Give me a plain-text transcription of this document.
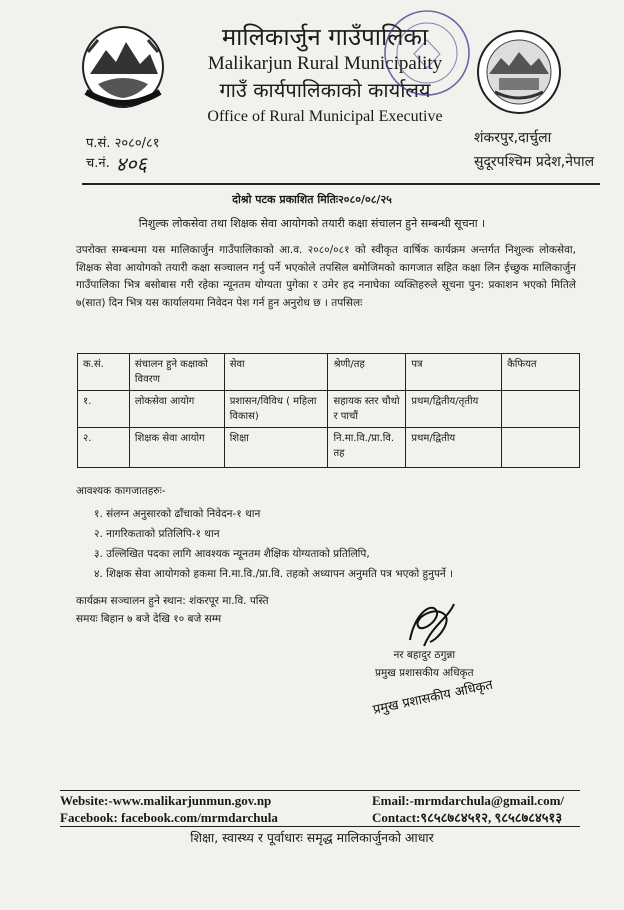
मालिकार्जुन गाउँपालिका
Malikarjun Rural Municipality
गाउँ कार्यपालिकाको कार्यालय
Office of Rural Municipal Executive
प.सं. २०८०/८१
च.नं. ४०६
शंकरपुर,दार्चुला
सुदूरपश्चिम प्रदेश,नेपाल
दोश्रो पटक प्रकाशित मितिः२०८०/०८/२५
निशुल्क लोकसेवा तथा शिक्षक सेवा आयोगको तयारी कक्षा संचालन हुने सम्बन्धी सूचना ।
उपरोक्त सम्बन्धमा यस मालिकार्जुन गाउँपालिकाको आ.व. २०८०/०८१ को स्वीकृत वार्षिक कार्यक्रम अन्तर्गत निशुल्क लोकसेवा, शिक्षक सेवा आयोगको तयारी कक्षा सञ्चालन गर्नु पर्ने भएकोले तपसिल बमोजिमको कागजात सहित कक्षा लिन ईच्छुक मालिकार्जुन गाउँपालिका भित्र बसोबास गरी रहेका न्यूनतम योग्यता पुगेका र उमेर हद ननाघेका व्यक्तिहरुले सूचना पुन: प्रकाशन भएको मितिले ७(सात) दिन भित्र यस कार्यालयमा निवेदन पेश गर्न हुन अनुरोध छ । तपसिलः
क.सं.	संचालन हुने कक्षाको विवरण	सेवा	श्रेणी/तह	पत्र	कैफियत
१.	लोकसेवा आयोग	प्रशासन/विविध ( महिला विकास)	सहायक स्तर चौथो र पाचौं	प्रथम/द्वितीय/तृतीय	
२.	शिक्षक सेवा आयोग	शिक्षा	नि.मा.वि./प्रा.वि. तह	प्रथम/द्वितीय	
आवश्यक कागजातहरुः-
१. संलग्न अनुसारको ढाँचाको निवेदन-१ थान
२. नागरिकताको प्रतिलिपि-१ थान
३. उल्लिखित पदका लागि आवश्यक न्यूनतम शैक्षिक योग्यताको प्रतिलिपि,
४. शिक्षक सेवा आयोगको हकमा नि.मा.वि./प्रा.वि. तहको अध्यापन अनुमति पत्र भएको हुनुपर्ने ।
कार्यक्रम सञ्चालन हुने स्थान: शंकरपूर मा.वि. पस्ति
समयः बिहान ७ बजे देखि १० बजे सम्म
नर बहादुर ठगुन्ना
प्रमुख प्रशासकीय अधिकृत
प्रमुख प्रशासकीय अधिकृत
Website:-www.malikarjunmun.gov.np
Facebook: facebook.com/mrmdarchula
Email:-mrmdarchula@gmail.com/
Contact:९८५८७८४५१२, ९८५८७८४५१३
शिक्षा, स्वास्थ्य र पूर्वाधारः समृद्ध मालिकार्जुनको आधार
